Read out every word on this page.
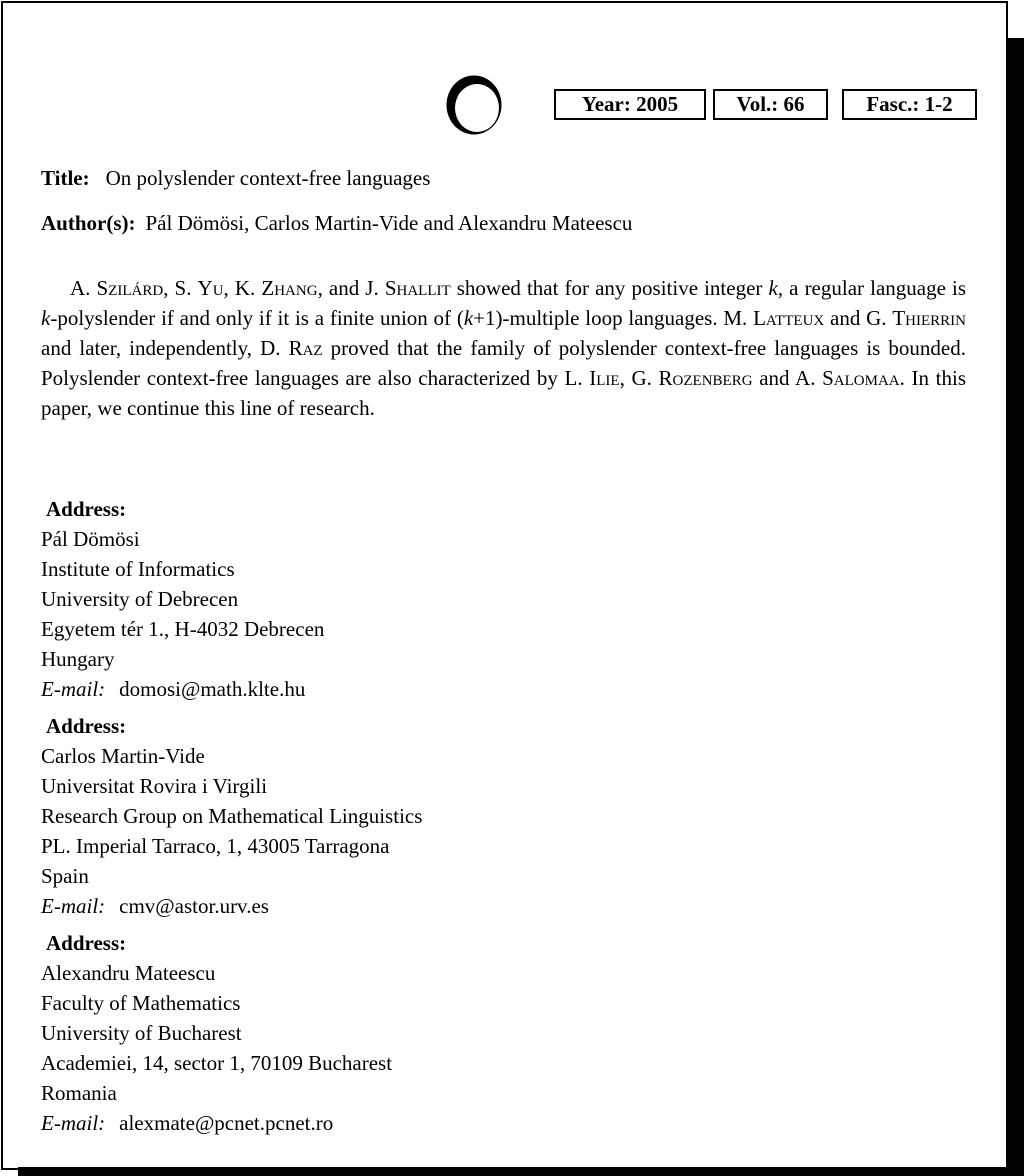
Year: 2005	Vol.: 66	Fasc.: 1-2
Title: On polyslender context-free languages
Author(s): Pál Dömösi, Carlos Martin-Vide and Alexandru Mateescu
A. Szilárd, S. Yu, K. Zhang, and J. Shallit showed that for any positive integer k, a regular language is k-polyslender if and only if it is a finite union of (k+1)-multiple loop languages. M. Latteux and G. Thierrin and later, independently, D. Raz proved that the family of polyslender context-free languages is bounded. Polyslender context-free languages are also characterized by L. Ilie, G. Rozenberg and A. Salomaa. In this paper, we continue this line of research.
Address:
Pál Dömösi
Institute of Informatics
University of Debrecen
Egyetem tér 1., H-4032 Debrecen
Hungary
E-mail: domosi@math.klte.hu
Address:
Carlos Martin-Vide
Universitat Rovira i Virgili
Research Group on Mathematical Linguistics
PL. Imperial Tarraco, 1, 43005 Tarragona
Spain
E-mail: cmv@astor.urv.es
Address:
Alexandru Mateescu
Faculty of Mathematics
University of Bucharest
Academiei, 14, sector 1, 70109 Bucharest
Romania
E-mail: alexmate@pcnet.pcnet.ro
